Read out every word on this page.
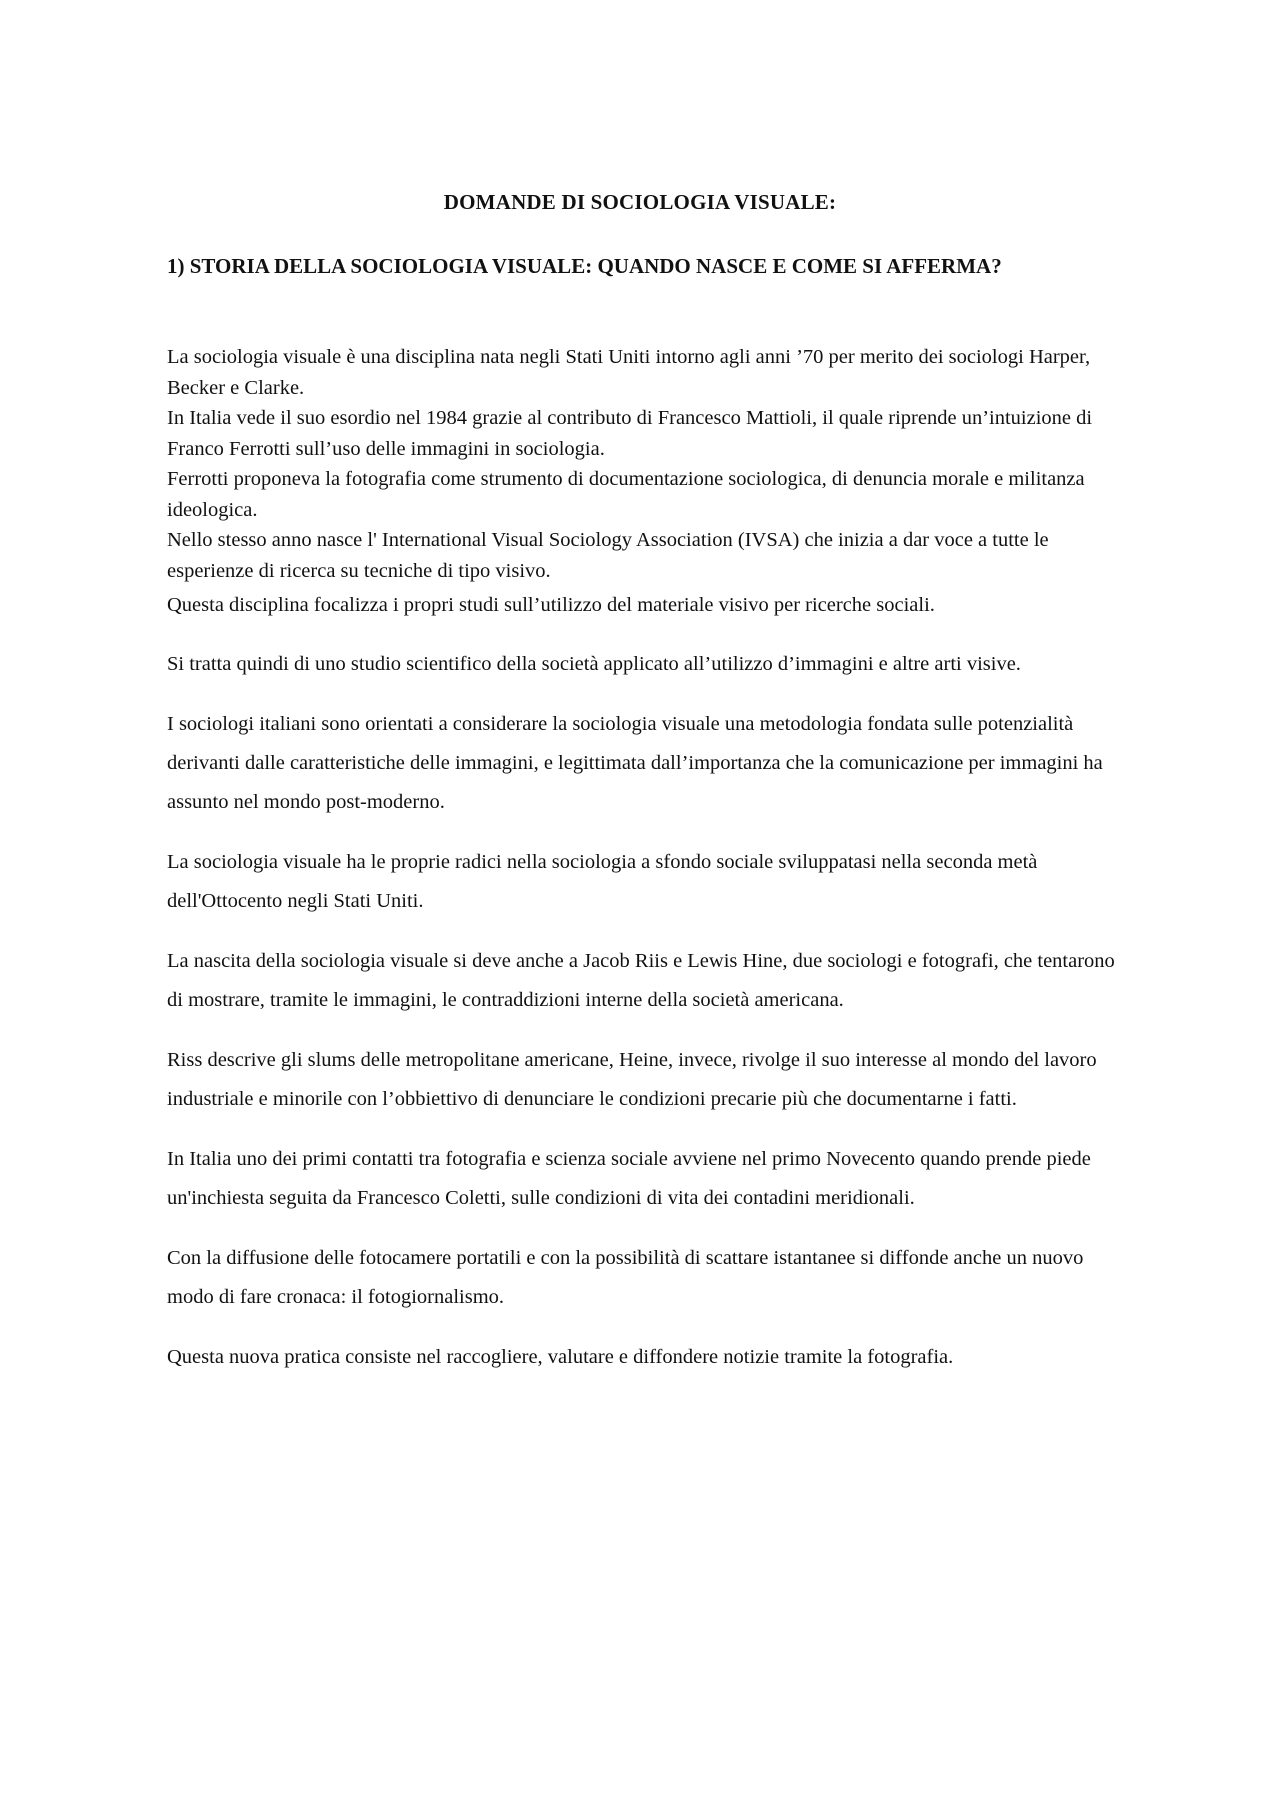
DOMANDE DI SOCIOLOGIA VISUALE:
1) STORIA DELLA SOCIOLOGIA VISUALE: QUANDO NASCE E COME SI AFFERMA?

La sociologia visuale è una disciplina nata negli Stati Uniti intorno agli anni ’70 per merito dei sociologi Harper, Becker e Clarke.

In Italia vede il suo esordio nel 1984 grazie al contributo di Francesco Mattioli, il quale riprende un’intuizione di Franco Ferrotti sull’uso delle immagini in sociologia.

Ferrotti proponeva la fotografia come strumento di documentazione sociologica, di denuncia morale e militanza ideologica.

Nello stesso anno nasce l' International Visual Sociology Association (IVSA) che inizia a dar voce a tutte le esperienze di ricerca su tecniche di tipo visivo.

Questa disciplina focalizza i propri studi sull’utilizzo del materiale visivo per ricerche sociali.

Si tratta quindi di uno studio scientifico della società applicato all’utilizzo d’immagini e altre arti visive.

I sociologi italiani sono orientati a considerare la sociologia visuale una metodologia fondata sulle potenzialità derivanti dalle caratteristiche delle immagini, e legittimata dall’importanza che la comunicazione per immagini ha assunto nel mondo post-moderno.

La sociologia visuale ha le proprie radici nella sociologia a sfondo sociale sviluppatasi nella seconda metà dell'Ottocento negli Stati Uniti.

La nascita della sociologia visuale si deve anche a Jacob Riis e Lewis Hine, due sociologi e fotografi, che tentarono di mostrare, tramite le immagini, le contraddizioni interne della società americana.

Riss descrive gli slums delle metropolitane americane, Heine, invece, rivolge il suo interesse al mondo del lavoro industriale e minorile con l’obbiettivo di denunciare le condizioni precarie più che documentarne i fatti.

In Italia uno dei primi contatti tra fotografia e scienza sociale avviene nel primo Novecento quando prende piede un'inchiesta seguita da Francesco Coletti, sulle condizioni di vita dei contadini meridionali.

Con la diffusione delle fotocamere portatili e con la possibilità di scattare istantanee si diffonde anche un nuovo modo di fare cronaca: il fotogiornalismo.

Questa nuova pratica consiste nel raccogliere, valutare e diffondere notizie tramite la fotografia.
